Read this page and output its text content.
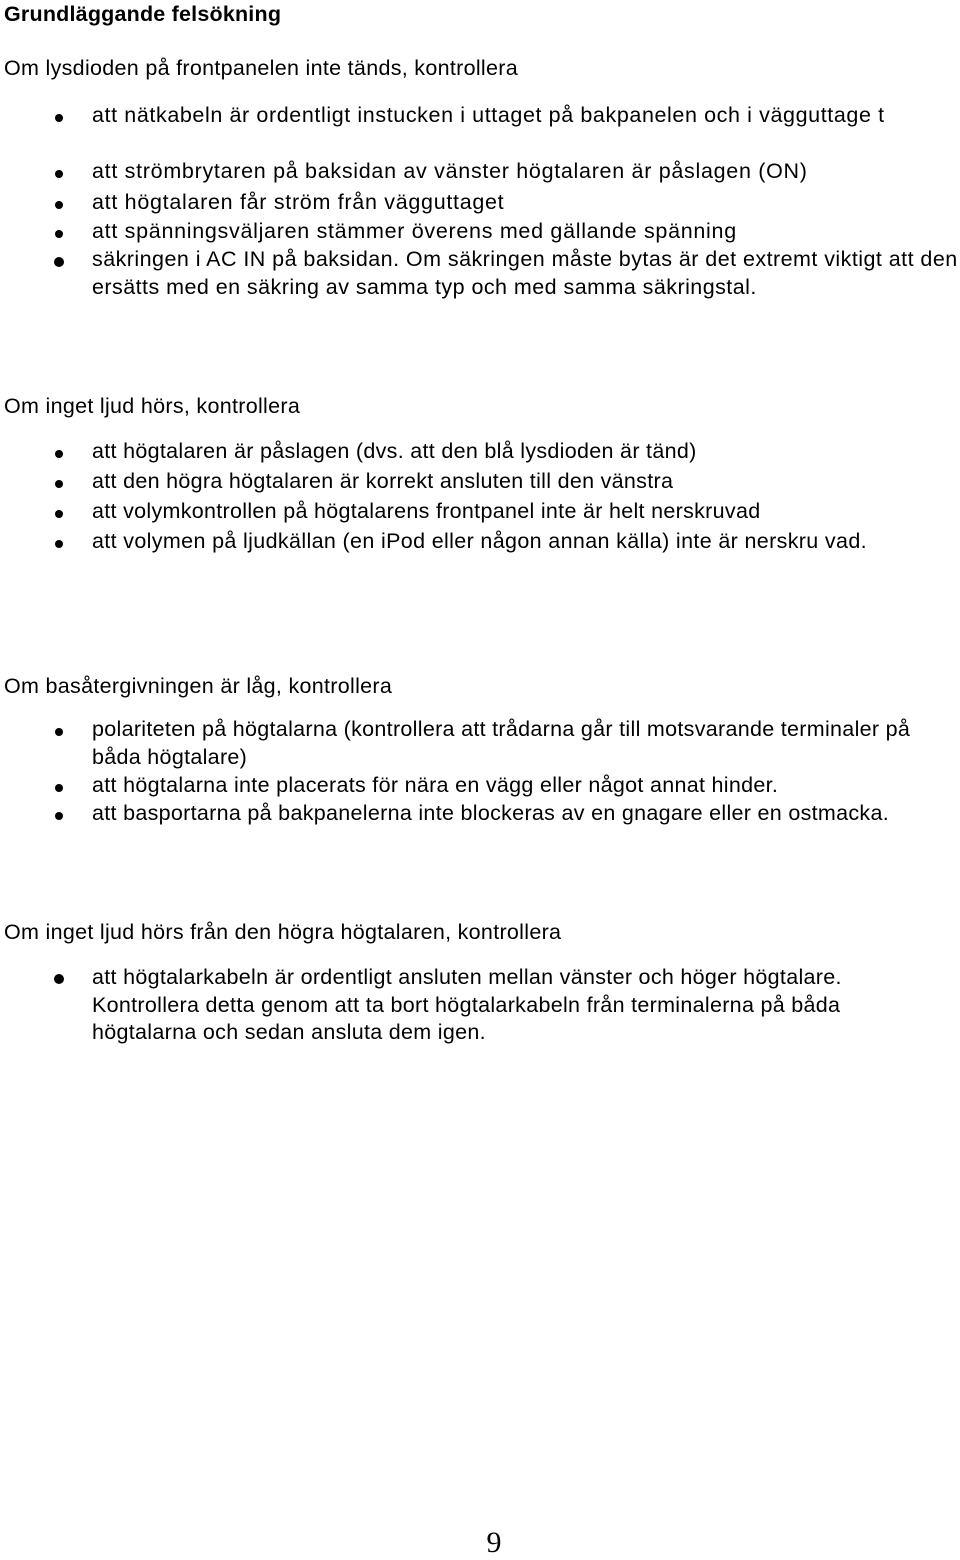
Grundläggande felsökning
Om lysdioden på frontpanelen inte tänds, kontrollera
att nätkabeln är ordentligt instucken i uttaget på bakpanelen och i vägguttage t
att strömbrytaren på baksidan av vänster högtalaren är påslagen (ON)
att högtalaren får ström från vägguttaget
att spänningsväljaren stämmer överens med gällande spänning
säkringen i AC IN på baksidan. Om säkringen måste bytas är det extremt viktigt att den ersätts med en säkring av samma typ och med samma säkringstal.
Om inget ljud hörs, kontrollera
att högtalaren är påslagen (dvs. att den blå lysdioden är tänd)
att den högra högtalaren är korrekt ansluten till den vänstra
att volymkontrollen på högtalarens frontpanel inte är helt nerskruvad
att volymen på ljudkällan (en iPod eller någon annan källa) inte är nerskru vad.
Om basåtergivningen är låg, kontrollera
polariteten på högtalarna (kontrollera att trådarna går till motsvarande terminaler på båda högtalare)
att högtalarna inte placerats för nära en vägg eller något annat hinder.
att basportarna på bakpanelerna inte blockeras av en gnagare eller en ostmacka.
Om inget ljud hörs från den högra högtalaren, kontrollera
att högtalarkabeln är ordentligt ansluten mellan vänster och höger högtalare. Kontrollera detta genom att ta bort högtalarkabeln från terminalerna på båda högtalarna och sedan ansluta dem igen.
9
